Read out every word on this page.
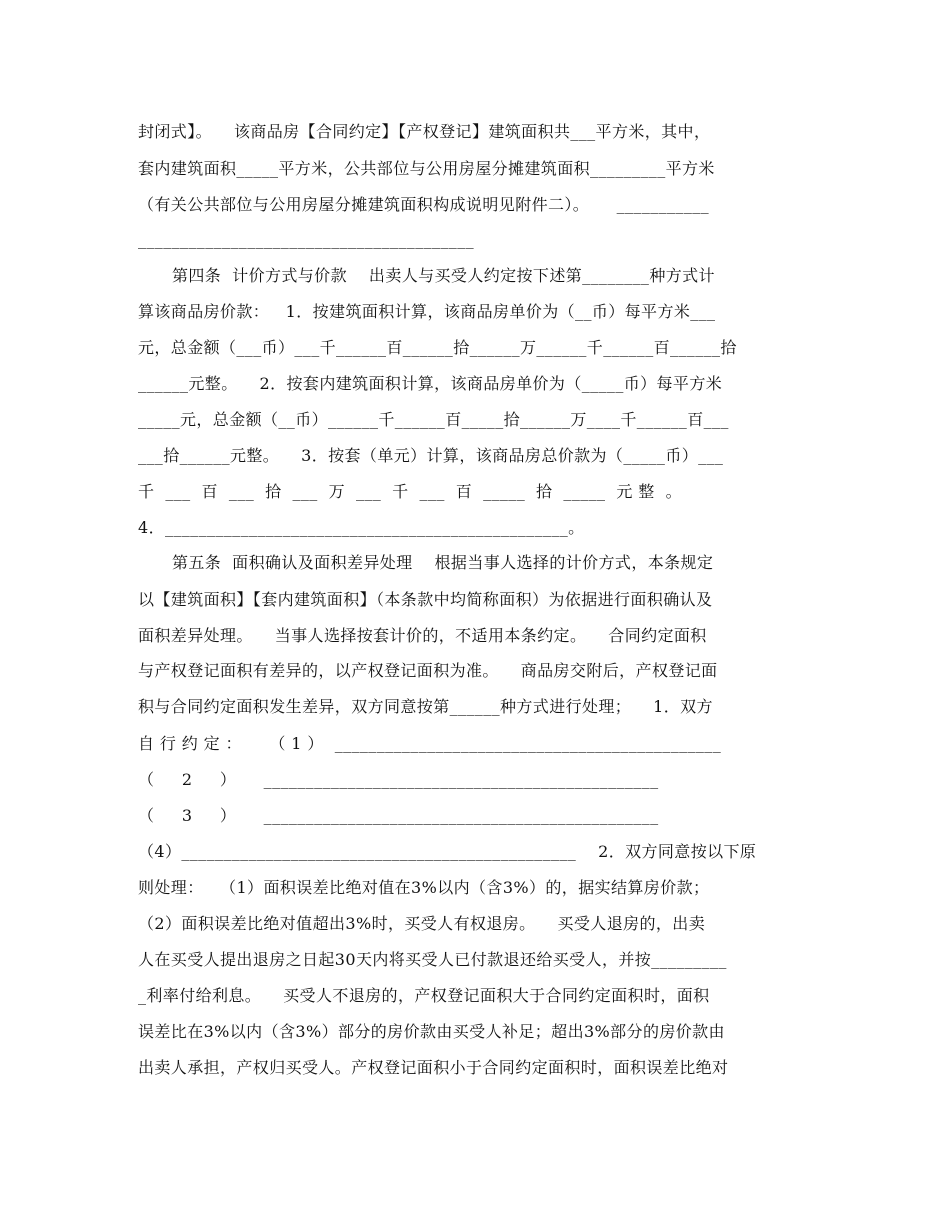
封闭式】。    该商品房【合同约定】【产权登记】建筑面积共___平方米，其中，

套内建筑面积_____平方米，公共部位与公用房屋分摊建筑面积_________平方米

（有关公共部位与公用房屋分摊建筑面积构成说明见附件二）。     ___________

________________________________________

第四条  计价方式与价款    出卖人与买受人约定按下述第________种方式计

算该商品房价款：   1．按建筑面积计算，该商品房单价为（__币）每平方米___

元，总金额（___币）___千______百______拾______万______千______百______拾

______元整。    2．按套内建筑面积计算，该商品房单价为（_____币）每平方米

_____元，总金额（__币）______千______百_____拾______万____千______百___

___拾______元整。    3．按套（单元）计算，该商品房总价款为（_____币）___

千  ___  百  ___  拾  ___  万  ___  千  ___  百  _____  拾  _____  元 整  。

4．________________________________________________。

第五条  面积确认及面积差异处理    根据当事人选择的计价方式，本条规定

以【建筑面积】【套内建筑面积】（本条款中均简称面积）为依据进行面积确认及

面积差异处理。    当事人选择按套计价的，不适用本条约定。    合同约定面积

与产权登记面积有差异的，以产权登记面积为准。    商品房交附后，产权登记面

积与合同约定面积发生差异，双方同意按第______种方式进行处理；    1．双方

自 行 约 定 ：     （ 1 ）  ______________________________________________

（     2     ）     _______________________________________________

（     3     ）     _______________________________________________

（4）_______________________________________________    2．双方同意按以下原

则处理：   （1）面积误差比绝对值在3%以内（含3%）的，据实结算房价款；

（2）面积误差比绝对值超出3%时，买受人有权退房。    买受人退房的，出卖

人在买受人提出退房之日起30天内将买受人已付款退还给买受人，并按_________

_利率付给利息。    买受人不退房的，产权登记面积大于合同约定面积时，面积

误差比在3%以内（含3%）部分的房价款由买受人补足；超出3%部分的房价款由

出卖人承担，产权归买受人。产权登记面积小于合同约定面积时，面积误差比绝对
